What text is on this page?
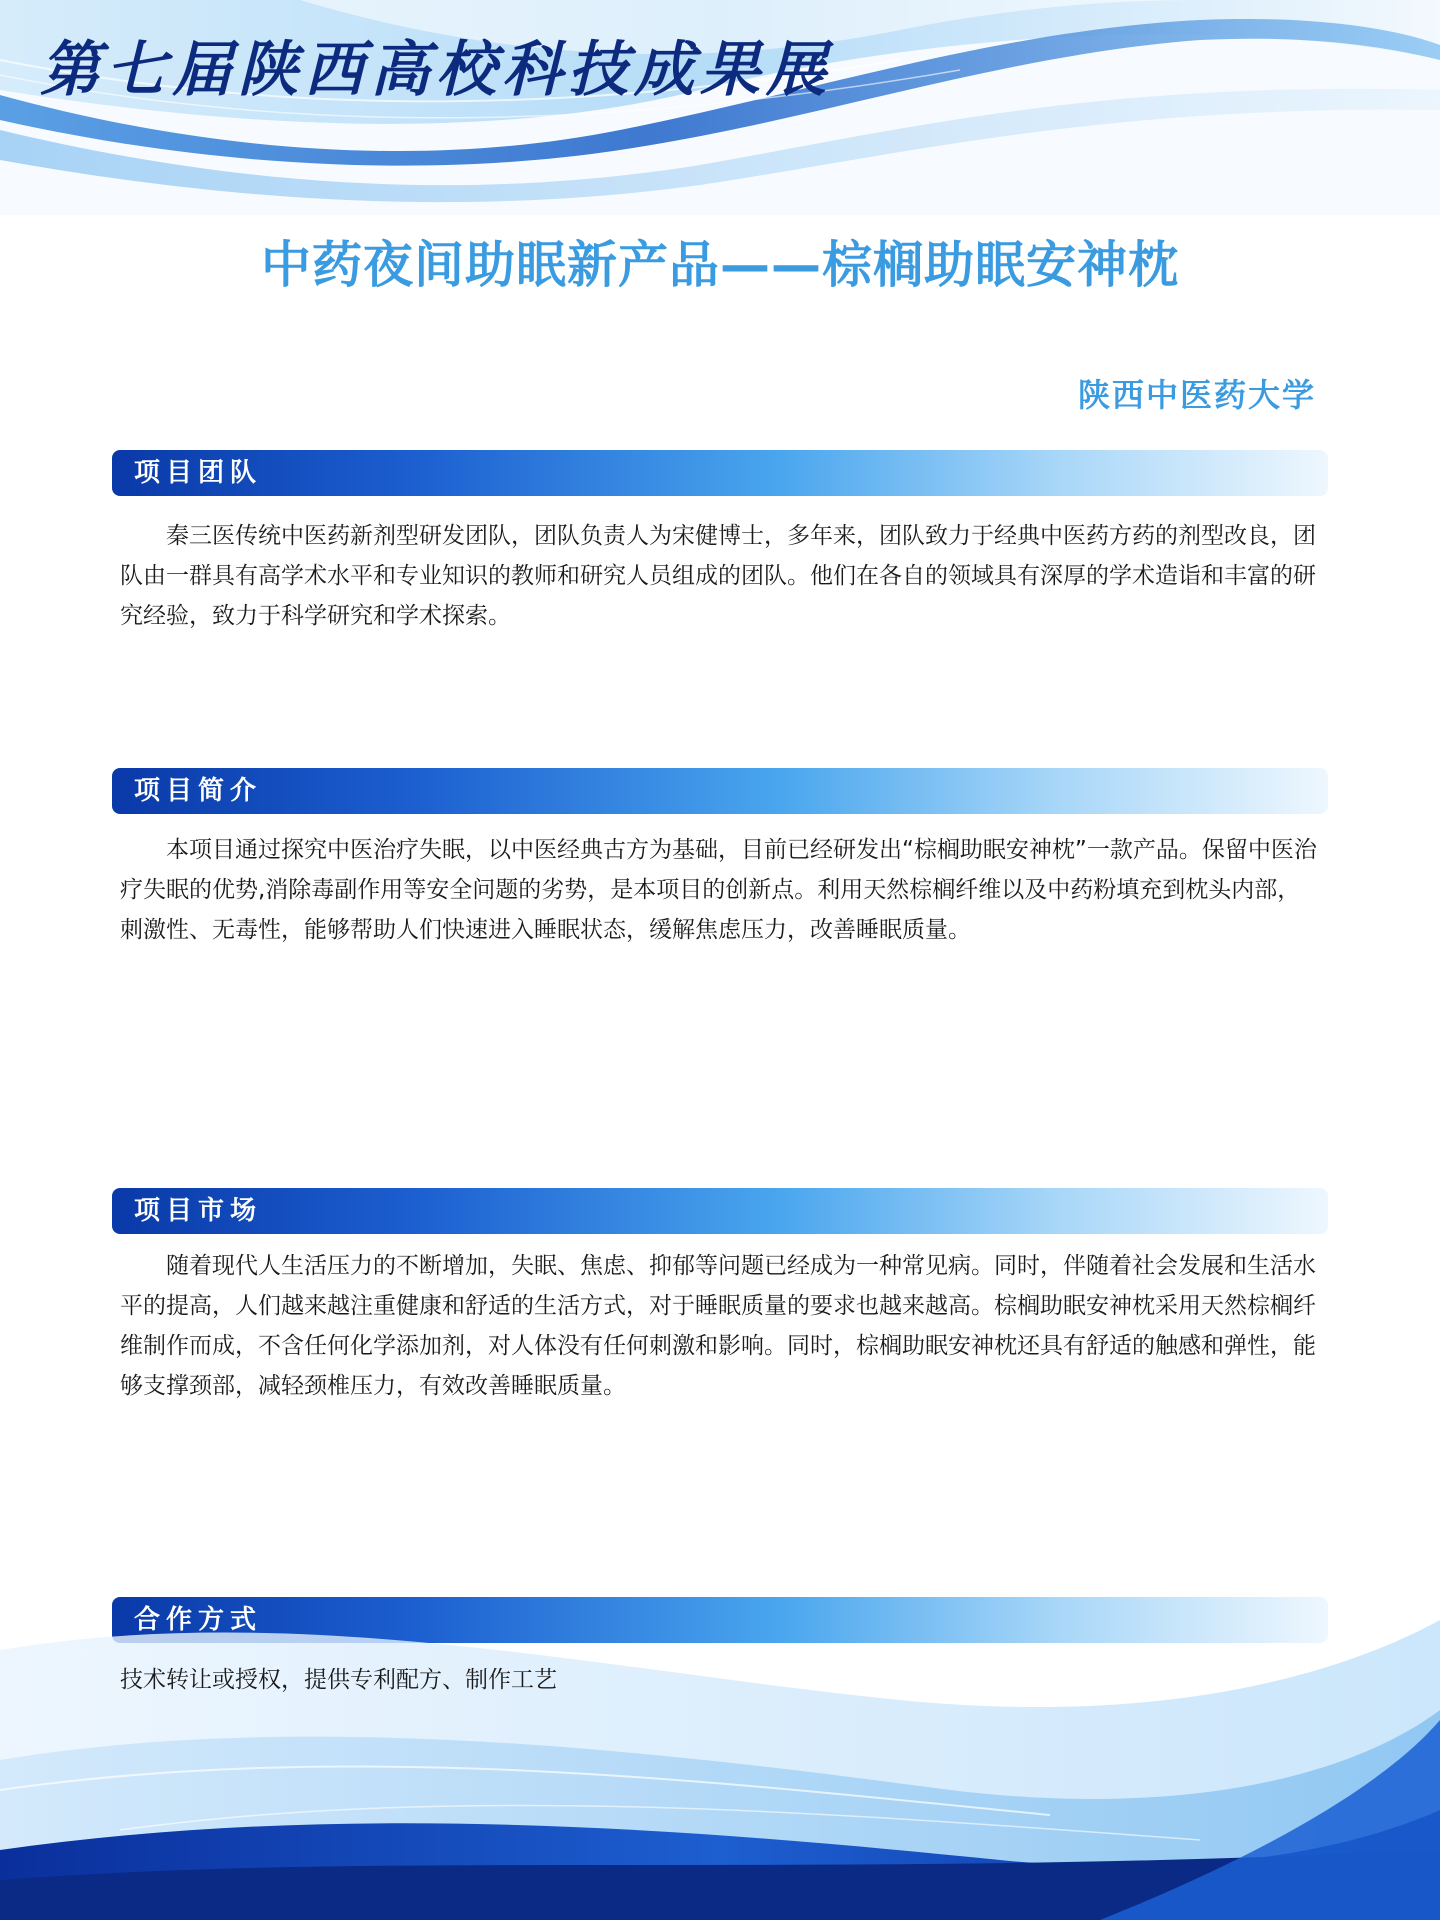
第七届陕西高校科技成果展
中药夜间助眠新产品——棕榈助眠安神枕
陕西中医药大学
项目团队

秦三医传统中医药新剂型研发团队，团队负责人为宋健博士，多年来，团队致力于经典中医药方药的剂型改良，团队由一群具有高学术水平和专业知识的教师和研究人员组成的团队。他们在各自的领域具有深厚的学术造诣和丰富的研究经验，致力于科学研究和学术探索。

项目简介

本项目通过探究中医治疗失眠，以中医经典古方为基础，目前已经研发出“棕榈助眠安神枕”一款产品。保留中医治疗失眠的优势,消除毒副作用等安全问题的劣势，是本项目的创新点。利用天然棕榈纤维以及中药粉填充到枕头内部，刺激性、无毒性，能够帮助人们快速进入睡眠状态，缓解焦虑压力，改善睡眠质量。

项目市场

随着现代人生活压力的不断增加，失眠、焦虑、抑郁等问题已经成为一种常见病。同时，伴随着社会发展和生活水平的提高，人们越来越注重健康和舒适的生活方式，对于睡眠质量的要求也越来越高。棕榈助眠安神枕采用天然棕榈纤维制作而成，不含任何化学添加剂，对人体没有任何刺激和影响。同时，棕榈助眠安神枕还具有舒适的触感和弹性，能够支撑颈部，减轻颈椎压力，有效改善睡眠质量。

合作方式

技术转让或授权，提供专利配方、制作工艺
